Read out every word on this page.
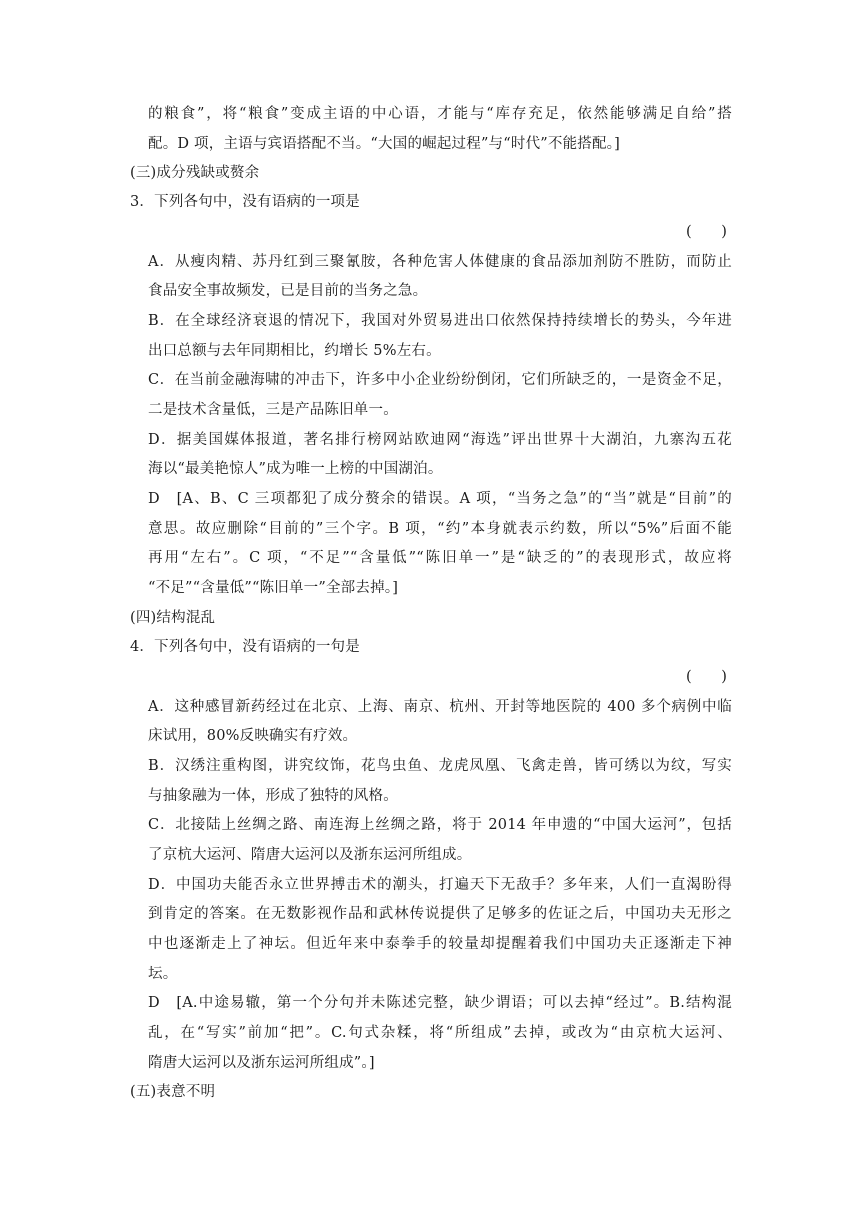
的粮食”，将“粮食”变成主语的中心语，才能与“库存充足，依然能够满足自给”搭
配。D 项，主语与宾语搭配不当。“大国的崛起过程”与“时代”不能搭配。]
(三)成分残缺或赘余
3．下列各句中，没有语病的一项是
(　　)
A．从瘦肉精、苏丹红到三聚氰胺，各种危害人体健康的食品添加剂防不胜防，而防止
食品安全事故频发，已是目前的当务之急。
B．在全球经济衰退的情况下，我国对外贸易进出口依然保持持续增长的势头，今年进
出口总额与去年同期相比，约增长 5%左右。
C．在当前金融海啸的冲击下，许多中小企业纷纷倒闭，它们所缺乏的，一是资金不足，
二是技术含量低，三是产品陈旧单一。
D．据美国媒体报道，著名排行榜网站欧迪网“海选”评出世界十大湖泊，九寨沟五花
海以“最美艳惊人”成为唯一上榜的中国湖泊。
D　[A、B、C 三项都犯了成分赘余的错误。A 项，“当务之急”的“当”就是“目前”的
意思。故应删除“目前的”三个字。B 项，“约”本身就表示约数，所以“5%”后面不能
再用“左右”。C 项，“不足”“含量低”“陈旧单一”是“缺乏的”的表现形式，故应将
“不足”“含量低”“陈旧单一”全部去掉。]
(四)结构混乱
4．下列各句中，没有语病的一句是
(　　)
A．这种感冒新药经过在北京、上海、南京、杭州、开封等地医院的 400 多个病例中临
床试用，80%反映确实有疗效。
B．汉绣注重构图，讲究纹饰，花鸟虫鱼、龙虎凤凰、飞禽走兽，皆可绣以为纹，写实
与抽象融为一体，形成了独特的风格。
C．北接陆上丝绸之路、南连海上丝绸之路，将于 2014 年申遗的“中国大运河”，包括
了京杭大运河、隋唐大运河以及浙东运河所组成。
D．中国功夫能否永立世界搏击术的潮头，打遍天下无敌手？多年来，人们一直渴盼得
到肯定的答案。在无数影视作品和武林传说提供了足够多的佐证之后，中国功夫无形之
中也逐渐走上了神坛。但近年来中泰拳手的较量却提醒着我们中国功夫正逐渐走下神
坛。
D　[A.中途易辙，第一个分句并未陈述完整，缺少谓语；可以去掉“经过”。B.结构混
乱，在“写实”前加“把”。C.句式杂糅，将“所组成”去掉，或改为“由京杭大运河、
隋唐大运河以及浙东运河所组成”。]
(五)表意不明
